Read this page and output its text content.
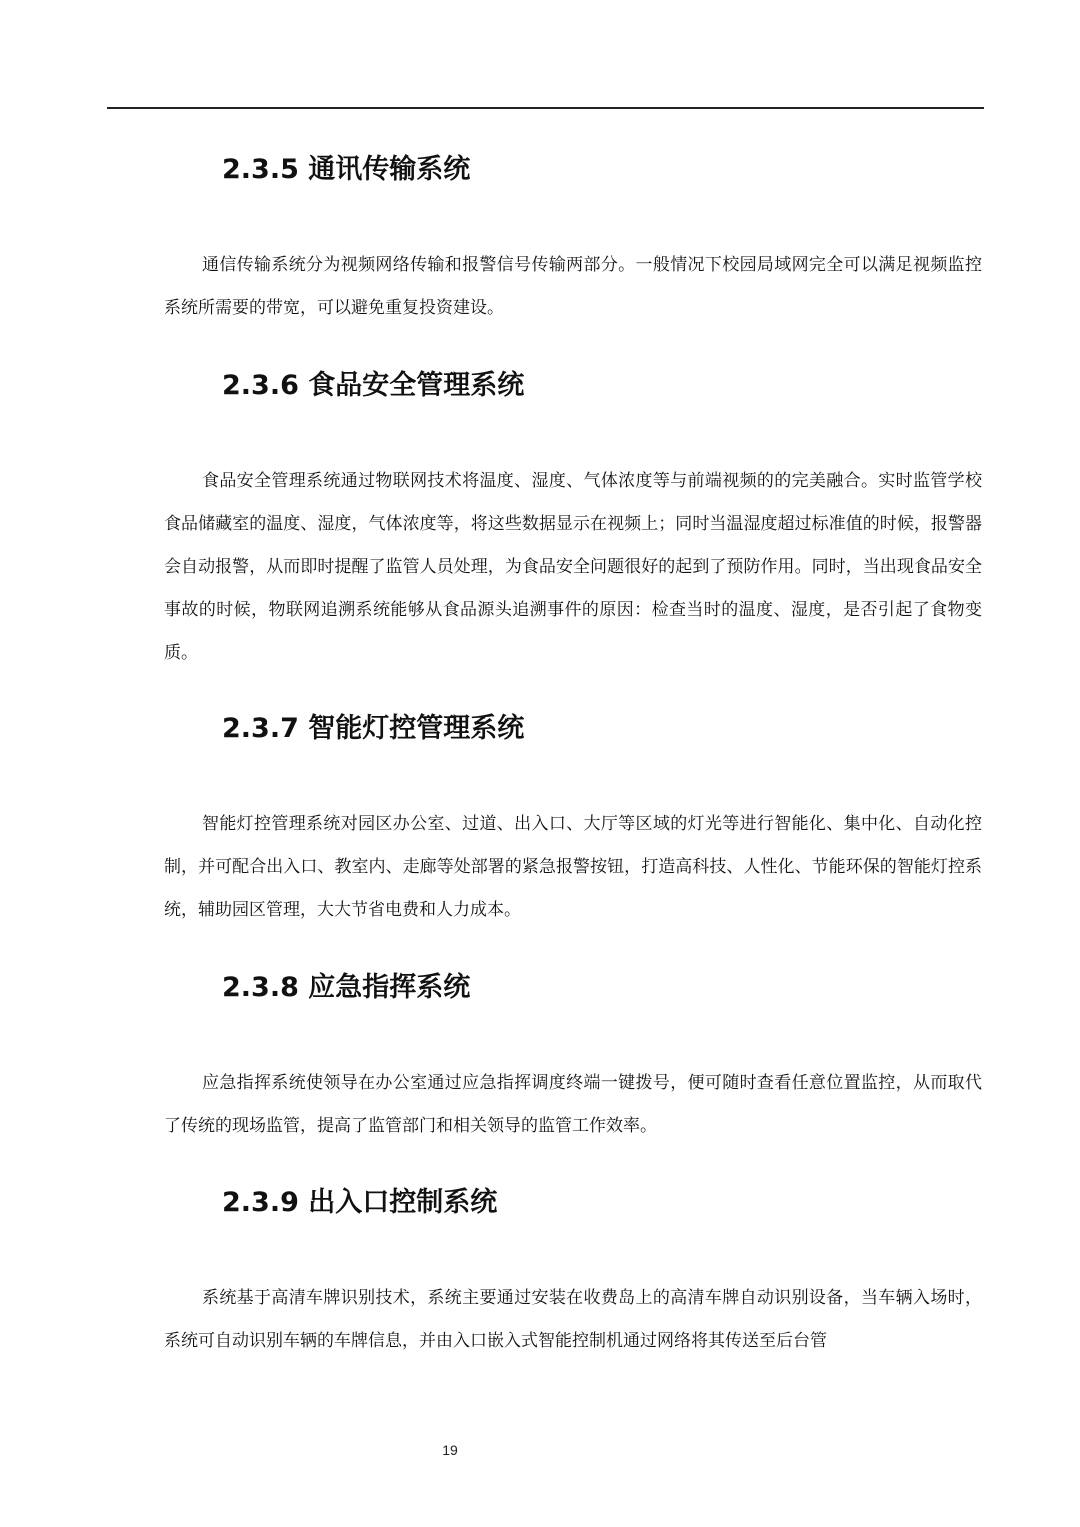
2.3.5 通讯传输系统

通信传输系统分为视频网络传输和报警信号传输两部分。一般情况下校园局域网完全可以满足视频监控系统所需要的带宽，可以避免重复投资建设。

2.3.6 食品安全管理系统

食品安全管理系统通过物联网技术将温度、湿度、气体浓度等与前端视频的的完美融合。实时监管学校食品储藏室的温度、湿度，气体浓度等，将这些数据显示在视频上；同时当温湿度超过标准值的时候，报警器会自动报警，从而即时提醒了监管人员处理，为食品安全问题很好的起到了预防作用。同时，当出现食品安全事故的时候，物联网追溯系统能够从食品源头追溯事件的原因：检查当时的温度、湿度，是否引起了食物变质。

2.3.7 智能灯控管理系统

智能灯控管理系统对园区办公室、过道、出入口、大厅等区域的灯光等进行智能化、集中化、自动化控制，并可配合出入口、教室内、走廊等处部署的紧急报警按钮，打造高科技、人性化、节能环保的智能灯控系统，辅助园区管理，大大节省电费和人力成本。

2.3.8 应急指挥系统

应急指挥系统使领导在办公室通过应急指挥调度终端一键拨号，便可随时查看任意位置监控，从而取代了传统的现场监管，提高了监管部门和相关领导的监管工作效率。

2.3.9 出入口控制系统

系统基于高清车牌识别技术，系统主要通过安装在收费岛上的高清车牌自动识别设备，当车辆入场时，系统可自动识别车辆的车牌信息，并由入口嵌入式智能控制机通过网络将其传送至后台管

19
